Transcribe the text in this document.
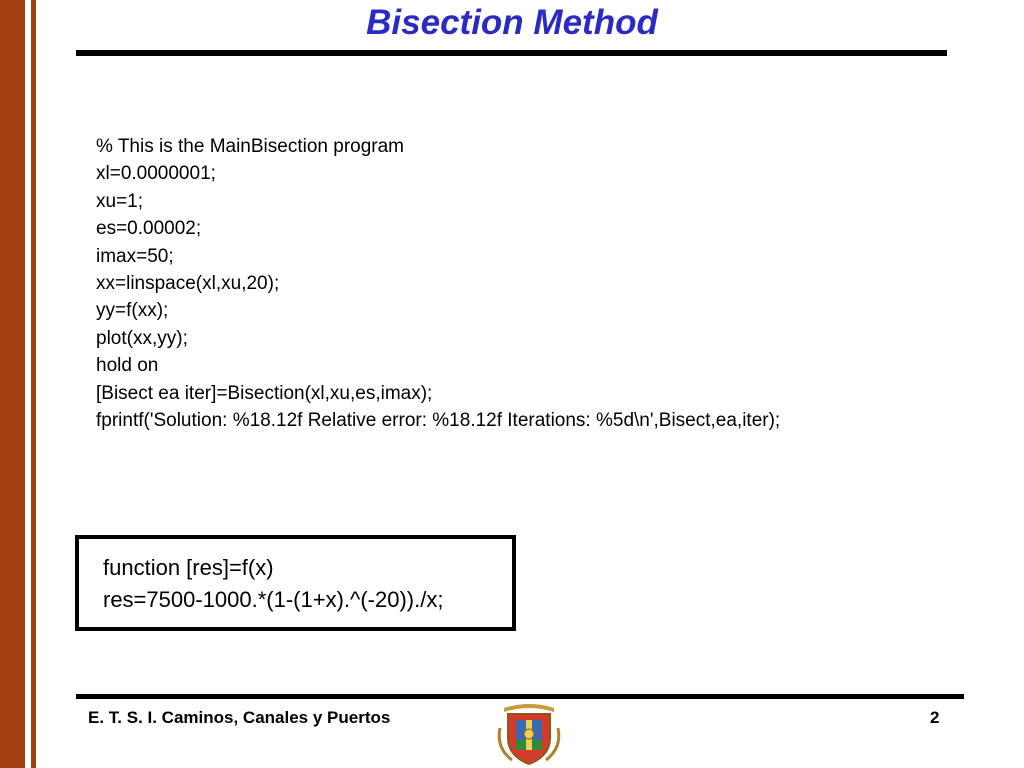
Bisection Method
% This is the MainBisection program
xl=0.0000001;
xu=1;
es=0.00002;
imax=50;
xx=linspace(xl,xu,20);
yy=f(xx);
plot(xx,yy);
hold on
[Bisect ea iter]=Bisection(xl,xu,es,imax);
fprintf('Solution: %18.12f Relative error: %18.12f Iterations: %5d\n',Bisect,ea,iter);
function [res]=f(x)
res=7500-1000.*(1-(1+x).^(-20))./x;
E. T. S. I. Caminos, Canales y Puertos	2
